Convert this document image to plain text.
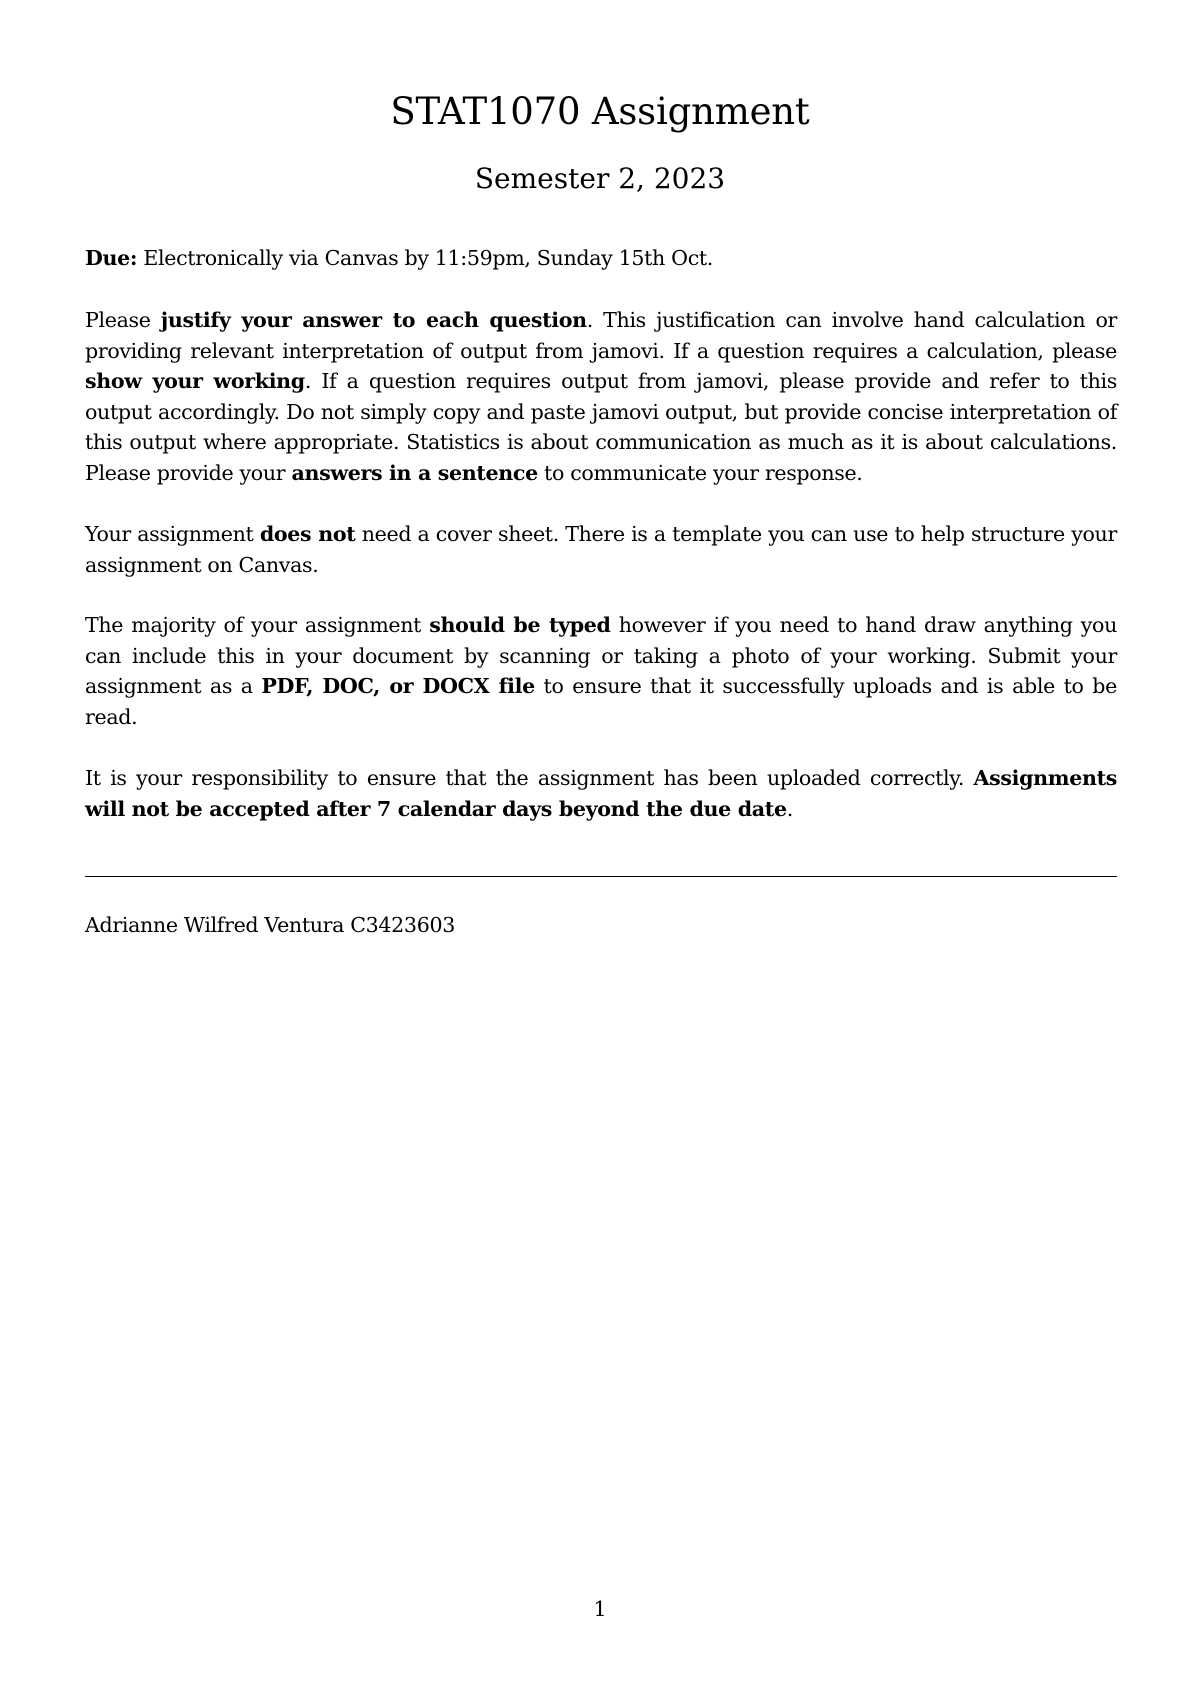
STAT1070 Assignment
Semester 2, 2023

Due: Electronically via Canvas by 11:59pm, Sunday 15th Oct.

Please justify your answer to each question. This justification can involve hand calculation or providing relevant interpretation of output from jamovi. If a question requires a calculation, please show your working. If a question requires output from jamovi, please provide and refer to this output accordingly. Do not simply copy and paste jamovi output, but provide concise interpretation of this output where appropriate. Statistics is about communication as much as it is about calculations. Please provide your answers in a sentence to communicate your response.

Your assignment does not need a cover sheet. There is a template you can use to help structure your assignment on Canvas.

The majority of your assignment should be typed however if you need to hand draw anything you can include this in your document by scanning or taking a photo of your working. Submit your assignment as a PDF, DOC, or DOCX file to ensure that it successfully uploads and is able to be read.

It is your responsibility to ensure that the assignment has been uploaded correctly. Assignments will not be accepted after 7 calendar days beyond the due date.

Adrianne Wilfred Ventura C3423603
1
